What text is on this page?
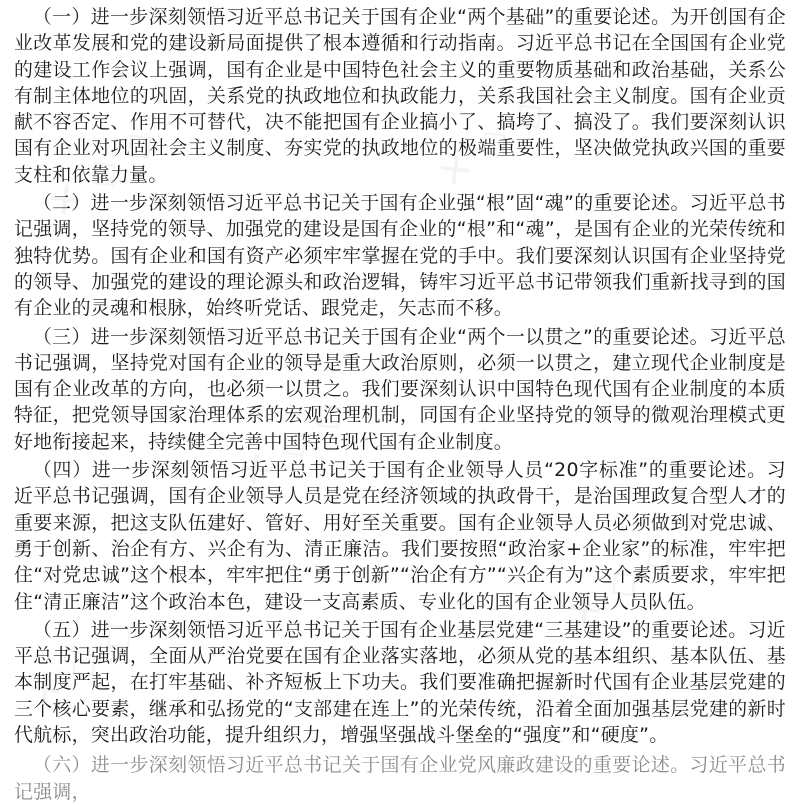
（一）进一步深刻领悟习近平总书记关于国有企业“两个基础”的重要论述。为开创国有企业改革发展和党的建设新局面提供了根本遵循和行动指南。习近平总书记在全国国有企业党的建设工作会议上强调，国有企业是中国特色社会主义的重要物质基础和政治基础，关系公有制主体地位的巩固，关系党的执政地位和执政能力，关系我国社会主义制度。国有企业贡献不容否定、作用不可替代，决不能把国有企业搞小了、搞垮了、搞没了。我们要深刻认识国有企业对巩固社会主义制度、夯实党的执政地位的极端重要性，坚决做党执政兴国的重要支柱和依靠力量。

（二）进一步深刻领悟习近平总书记关于国有企业强“根”固“魂”的重要论述。习近平总书记强调，坚持党的领导、加强党的建设是国有企业的“根”和“魂”，是国有企业的光荣传统和独特优势。国有企业和国有资产必须牢牢掌握在党的手中。我们要深刻认识国有企业坚持党的领导、加强党的建设的理论源头和政治逻辑，铸牢习近平总书记带领我们重新找寻到的国有企业的灵魂和根脉，始终听党话、跟党走，矢志而不移。

（三）进一步深刻领悟习近平总书记关于国有企业“两个一以贯之”的重要论述。习近平总书记强调，坚持党对国有企业的领导是重大政治原则，必须一以贯之，建立现代企业制度是国有企业改革的方向，也必须一以贯之。我们要深刻认识中国特色现代国有企业制度的本质特征，把党领导国家治理体系的宏观治理机制，同国有企业坚持党的领导的微观治理模式更好地衔接起来，持续健全完善中国特色现代国有企业制度。

（四）进一步深刻领悟习近平总书记关于国有企业领导人员“20字标准”的重要论述。习近平总书记强调，国有企业领导人员是党在经济领域的执政骨干，是治国理政复合型人才的重要来源，把这支队伍建好、管好、用好至关重要。国有企业领导人员必须做到对党忠诚、勇于创新、治企有方、兴企有为、清正廉洁。我们要按照“政治家+企业家”的标准，牢牢把住“对党忠诚”这个根本，牢牢把住“勇于创新”“治企有方”“兴企有为”这个素质要求，牢牢把住“清正廉洁”这个政治本色，建设一支高素质、专业化的国有企业领导人员队伍。

（五）进一步深刻领悟习近平总书记关于国有企业基层党建“三基建设”的重要论述。习近平总书记强调，全面从严治党要在国有企业落实落地，必须从党的基本组织、基本队伍、基本制度严起，在打牢基础、补齐短板上下功夫。我们要准确把握新时代国有企业基层党建的三个核心要素，继承和弘扬党的“支部建在连上”的光荣传统，沿着全面加强基层党建的新时代航标，突出政治功能，提升组织力，增强坚强战斗堡垒的“强度”和“硬度”。

（六）进一步深刻领悟习近平总书记关于国有企业党风廉政建设的重要论述。习近平总书记强调，
